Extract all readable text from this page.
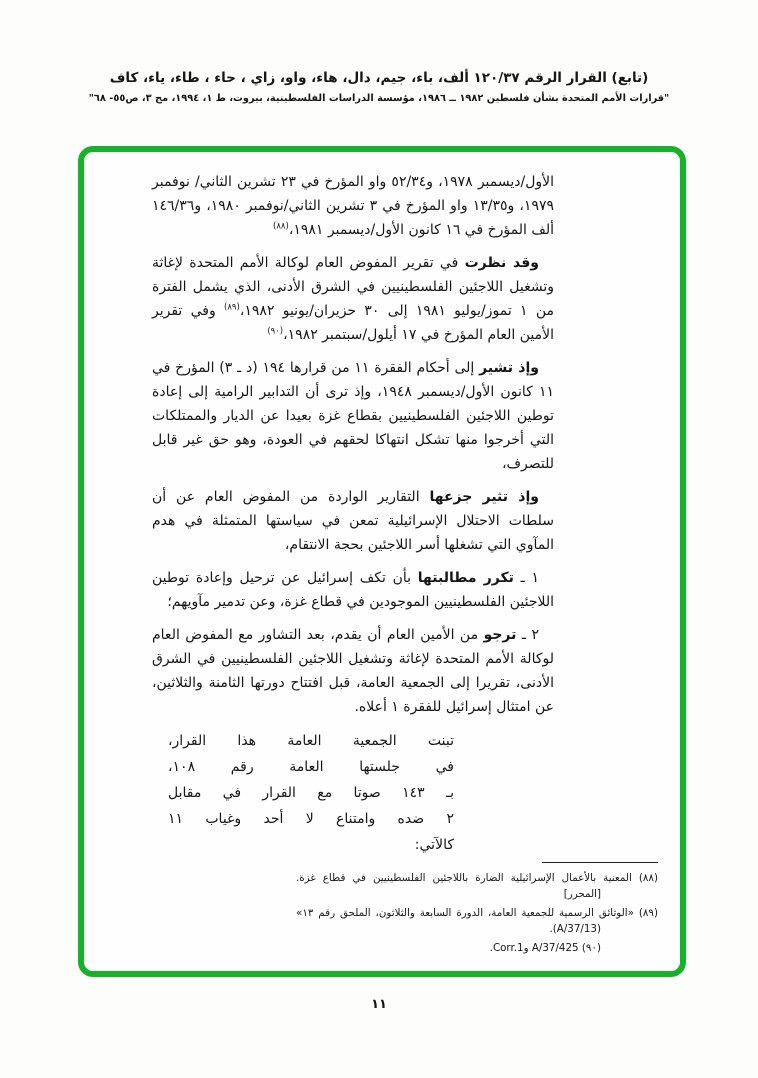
(تابع) القرار الرقم ١٢٠/٣٧ ألف، باء، جيم، دال، هاء، واو، زاي ، حاء ، طاء، ياء، كاف
"قرارات الأمم المتحدة بشأن فلسطين ١٩٨٢ ــ ١٩٨٦، مؤسسة الدراسات الفلسطينية، بيروت، ط ١، ١٩٩٤، مج ٣، ص٥٥- ٦٨"

الأول/ديسمبر ١٩٧٨، و٥٢/٣٤ واو المؤرخ في ٢٣ تشرين الثاني/ نوفمبر ١٩٧٩، و١٣/٣٥ واو المؤرخ في ٣ تشرين الثاني/نوفمبر ١٩٨٠، و١٤٦/٣٦ ألف المؤرخ في ١٦ كانون الأول/ديسمبر ١٩٨١،$^{(٨٨)}$

وقد نظرت في تقرير المفوض العام لوكالة الأمم المتحدة لإغاثة وتشغيل اللاجئين الفلسطينيين في الشرق الأدنى، الذي يشمل الفترة من ١ تموز/يوليو ١٩٨١ إلى ٣٠ حزيران/يونيو ١٩٨٢،$^{(٨٩)}$ وفي تقرير الأمين العام المؤرخ في ١٧ أيلول/سبتمبر ١٩٨٢،$^{(٩٠)}$

وإذ تشير إلى أحكام الفقرة ١١ من قرارها ١٩٤ (د ـ ٣) المؤرخ في ١١ كانون الأول/ديسمبر ١٩٤٨، وإذ ترى أن التدابير الرامية إلى إعادة توطين اللاجئين الفلسطينيين بقطاع غزة بعيدا عن الديار والممتلكات التي أخرجوا منها تشكل انتهاكا لحقهم في العودة، وهو حق غير قابل للتصرف،

وإذ تثير جزعها التقارير الواردة من المفوض العام عن أن سلطات الاحتلال الإسرائيلية تمعن في سياستها المتمثلة في هدم المآوي التي تشغلها أسر اللاجئين بحجة الانتقام،

١ ـ تكرر مطالبتها بأن تكف إسرائيل عن ترحيل وإعادة توطين اللاجئين الفلسطينيين الموجودين في قطاع غزة، وعن تدمير مآويهم؛

٢ ـ ترجو من الأمين العام أن يقدم، بعد التشاور مع المفوض العام لوكالة الأمم المتحدة لإغاثة وتشغيل اللاجئين الفلسطينيين في الشرق الأدنى، تقريرا إلى الجمعية العامة، قبل افتتاح دورتها الثامنة والثلاثين، عن امتثال إسرائيل للفقرة ١ أعلاه.

تبنت الجمعية العامة هذا القرار،
في جلستها العامة رقم ١٠٨،
بـ ١٤٣ صوتا مع القرار في مقابل
٢ ضده وامتناع لا أحد وغياب ١١
كالآتي:
(٨٨) المعنية بالأعمال الإسرائيلية الضارة باللاجئين الفلسطينيين في قطاع غزة. [المحرر]
(٨٩) «الوثائق الرسمية للجمعية العامة، الدورة السابعة والثلاثون، الملحق رقم ١٣» (A/37/13).
(٩٠) A/37/425 وCorr.1.
١١
